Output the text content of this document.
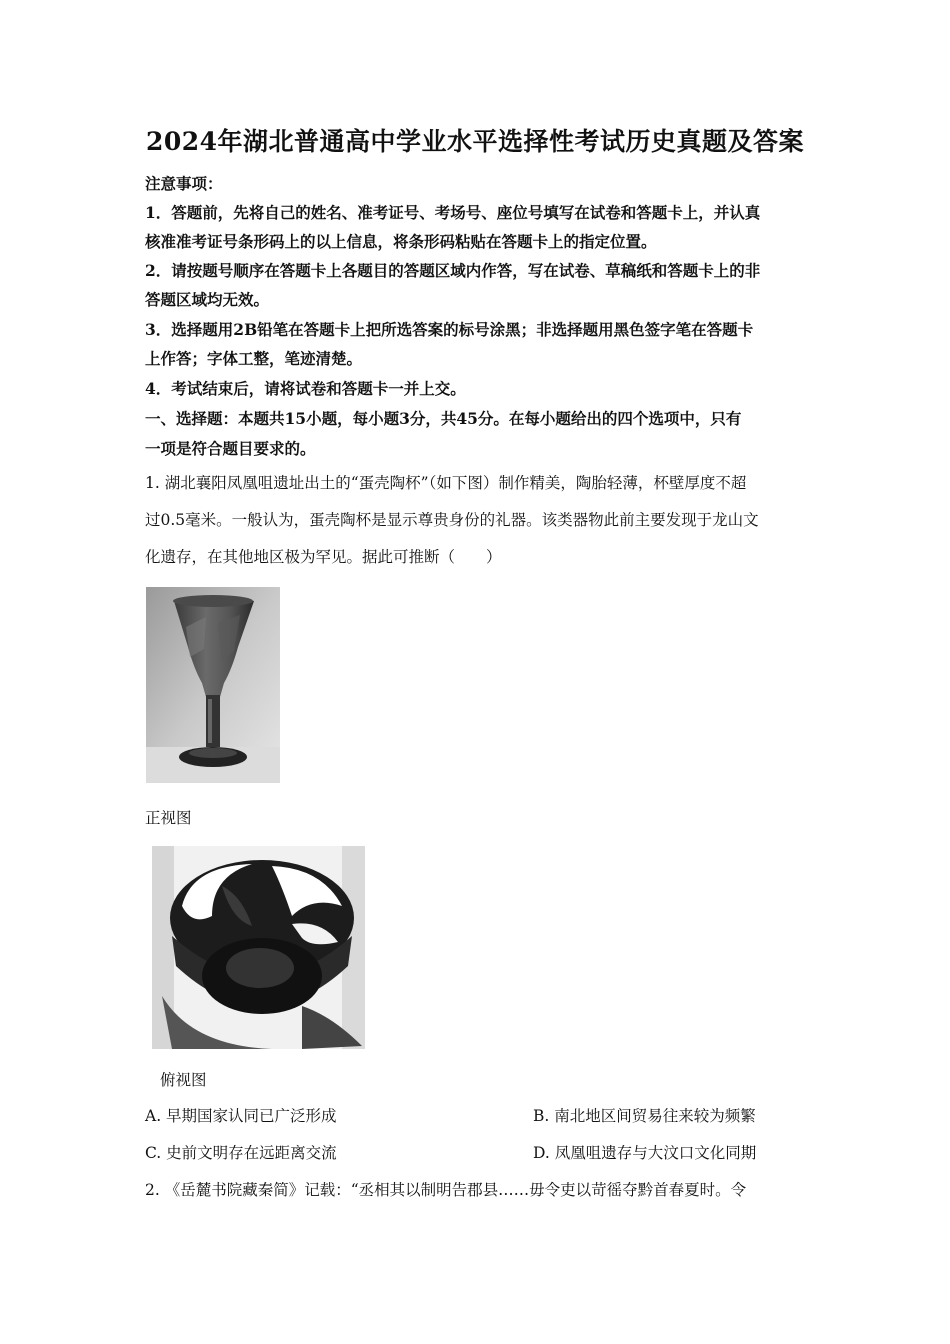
2024年湖北普通高中学业水平选择性考试历史真题及答案
注意事项：
1．答题前，先将自己的姓名、准考证号、考场号、座位号填写在试卷和答题卡上，并认真
核准准考证号条形码上的以上信息，将条形码粘贴在答题卡上的指定位置。
2．请按题号顺序在答题卡上各题目的答题区域内作答，写在试卷、草稿纸和答题卡上的非
答题区域均无效。
3．选择题用2B铅笔在答题卡上把所选答案的标号涂黑；非选择题用黑色签字笔在答题卡
上作答；字体工整，笔迹清楚。
4．考试结束后，请将试卷和答题卡一并上交。
一、选择题：本题共15小题，每小题3分，共45分。在每小题给出的四个选项中，只有
一项是符合题目要求的。
1. 湖北襄阳凤凰咀遗址出土的“蛋壳陶杯”（如下图）制作精美，陶胎轻薄，杯壁厚度不超
过0.5毫米。一般认为，蛋壳陶杯是显示尊贵身份的礼器。该类器物此前主要发现于龙山文
化遗存，在其他地区极为罕见。据此可推断（　　）
正视图
俯视图
A. 早期国家认同已广泛形成	B. 南北地区间贸易往来较为频繁
C. 史前文明存在远距离交流	D. 凤凰咀遗存与大汶口文化同期
2. 《岳麓书院藏秦简》记载：“丞相其以制明告郡县……毋令吏以苛徭夺黔首春夏时。令
